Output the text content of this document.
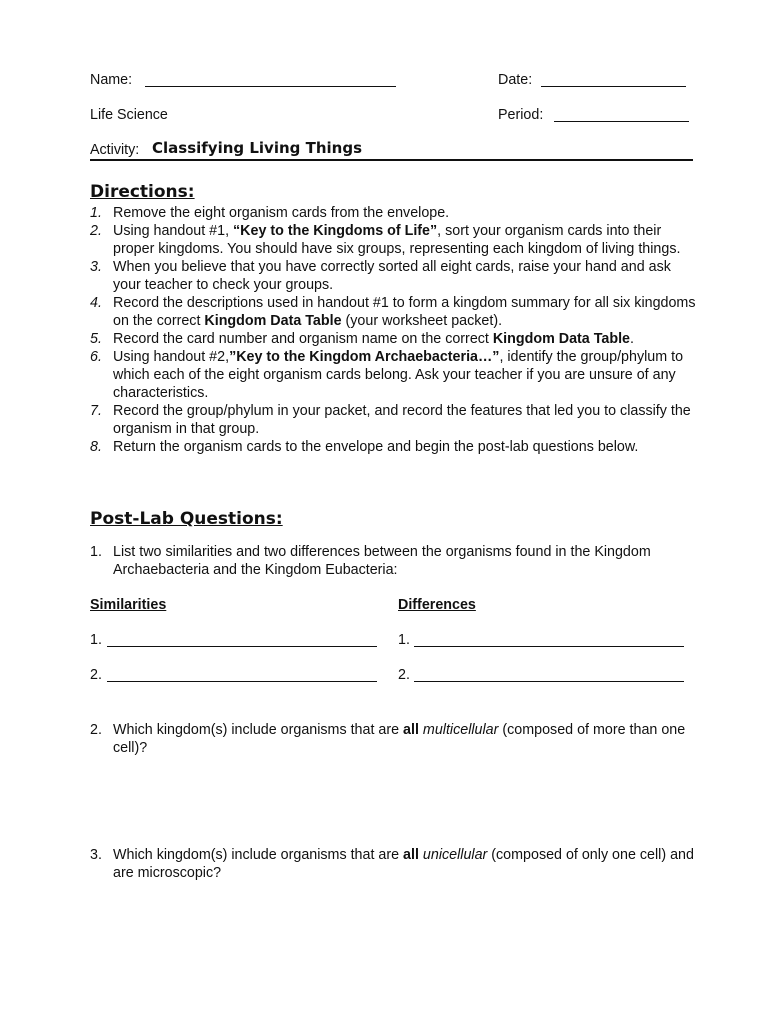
Name:	Date:
Life Science	Period:
Activity: Classifying Living Things
Directions:
1. Remove the eight organism cards from the envelope.
2. Using handout #1, “Key to the Kingdoms of Life”, sort your organism cards into their proper kingdoms. You should have six groups, representing each kingdom of living things.
3. When you believe that you have correctly sorted all eight cards, raise your hand and ask your teacher to check your groups.
4. Record the descriptions used in handout #1 to form a kingdom summary for all six kingdoms on the correct Kingdom Data Table (your worksheet packet).
5. Record the card number and organism name on the correct Kingdom Data Table.
6. Using handout #2,”Key to the Kingdom Archaebacteria…”, identify the group/phylum to which each of the eight organism cards belong. Ask your teacher if you are unsure of any characteristics.
7. Record the group/phylum in your packet, and record the features that led you to classify the organism in that group.
8. Return the organism cards to the envelope and begin the post-lab questions below.
Post-Lab Questions:
1. List two similarities and two differences between the organisms found in the Kingdom Archaebacteria and the Kingdom Eubacteria:
Similarities	Differences
1.	1.
2.	2.
2. Which kingdom(s) include organisms that are all multicellular (composed of more than one cell)?
3. Which kingdom(s) include organisms that are all unicellular (composed of only one cell) and are microscopic?
